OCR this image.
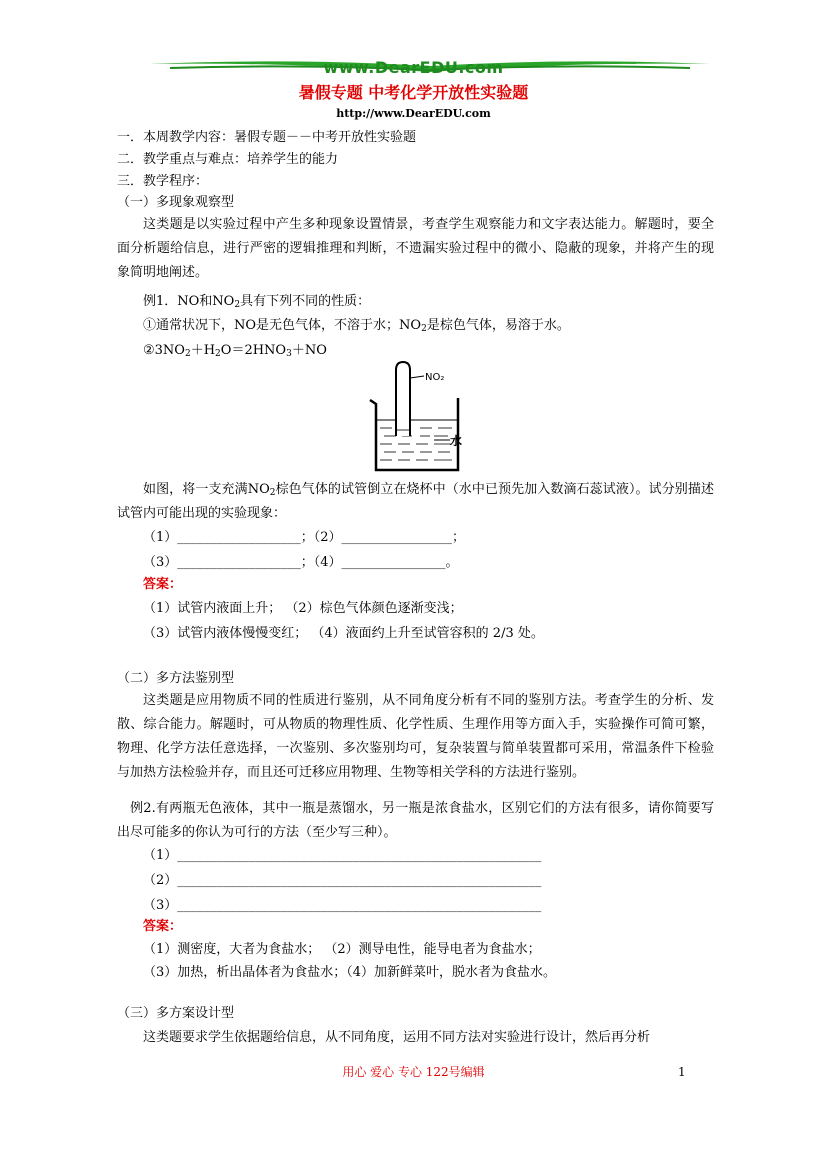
www.DearEDU.com
暑假专题 中考化学开放性实验题
http://www.DearEDU.com
一．本周教学内容：暑假专题－－中考开放性实验题
二．教学重点与难点：培养学生的能力
三．教学程序：
（一）多现象观察型
这类题是以实验过程中产生多种现象设置情景，考查学生观察能力和文字表达能力。解题时，要全面分析题给信息，进行严密的逻辑推理和判断，不遗漏实验过程中的微小、隐蔽的现象，并将产生的现象简明地阐述。
例1．NO和$NO_2$具有下列不同的性质：
①通常状况下，NO是无色气体，不溶于水；$NO_2$是棕色气体，易溶于水。
$②3NO_2+H_2O=2HNO_3+NO$
NO₂
水
如图，将一支充满$NO_2$棕色气体的试管倒立在烧杯中（水中已预先加入数滴石蕊试液）。试分别描述试管内可能出现的实验现象：
（1）___________________；（2）_________________；
（3）___________________；（4）________________。
答案：
（1）试管内液面上升； （2）棕色气体颜色逐渐变浅；
（3）试管内液体慢慢变红； （4）液面约上升至试管容积的 2/3 处。
（二）多方法鉴别型
这类题是应用物质不同的性质进行鉴别，从不同角度分析有不同的鉴别方法。考查学生的分析、发散、综合能力。解题时，可从物质的物理性质、化学性质、生理作用等方面入手，实验操作可简可繁，物理、化学方法任意选择，一次鉴别、多次鉴别均可，复杂装置与简单装置都可采用，常温条件下检验与加热方法检验并存，而且还可迁移应用物理、生物等相关学科的方法进行鉴别。
例2.有两瓶无色液体，其中一瓶是蒸馏水，另一瓶是浓食盐水，区别它们的方法有很多，请你简要写出尽可能多的你认为可行的方法（至少写三种）。
（1）________________________________________________________
（2）________________________________________________________
（3）________________________________________________________
答案：
（1）测密度，大者为食盐水； （2）测导电性，能导电者为食盐水；
（3）加热，析出晶体者为食盐水；（4）加新鲜菜叶，脱水者为食盐水。
（三）多方案设计型
这类题要求学生依据题给信息，从不同角度，运用不同方法对实验进行设计，然后再分析
用心 爱心 专心 122号编辑	1
